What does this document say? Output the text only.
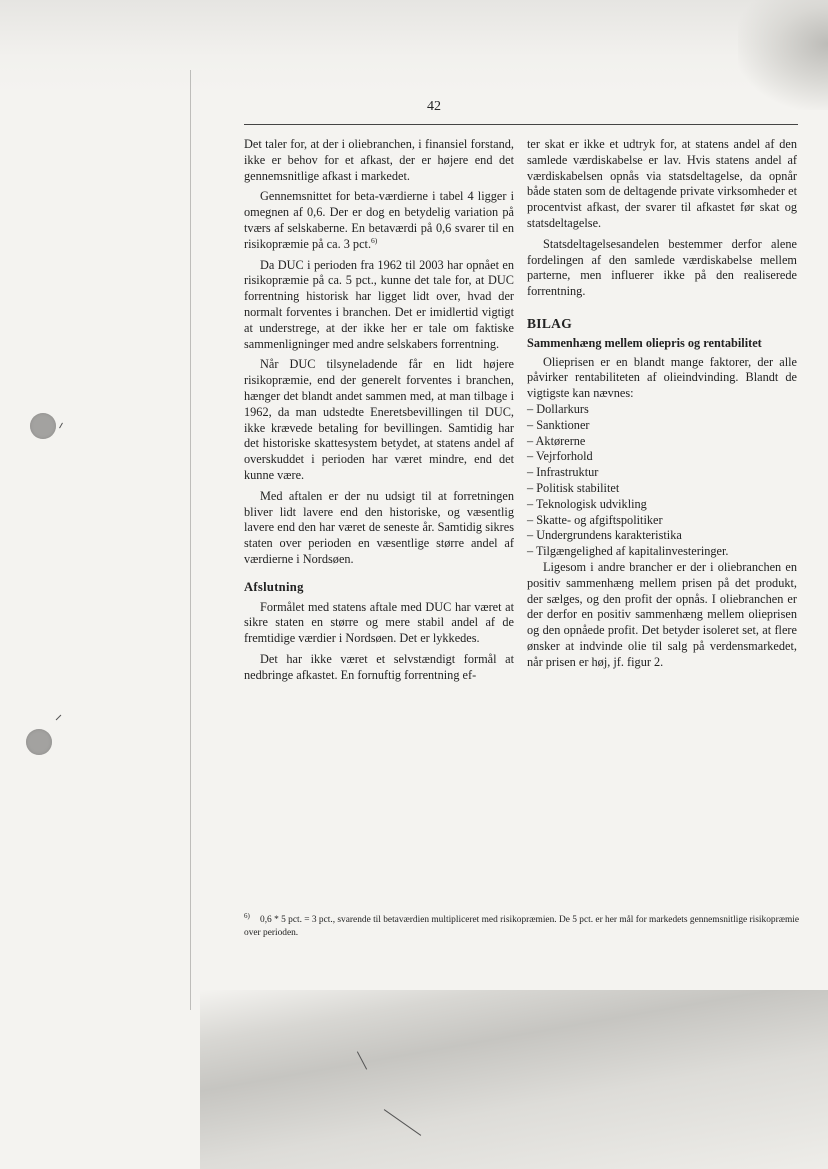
42

Det taler for, at der i oliebranchen, i finansiel forstand, ikke er behov for et afkast, der er højere end det gennemsnitlige afkast i markedet.

Gennemsnittet for beta-værdierne i tabel 4 ligger i omegnen af 0,6. Der er dog en betydelig variation på tværs af selskaberne. En betaværdi på 0,6 svarer til en risikopræmie på ca. 3 pct.$^{6)}$

Da DUC i perioden fra 1962 til 2003 har opnået en risikopræmie på ca. 5 pct., kunne det tale for, at DUC forrentning historisk har ligget lidt over, hvad der normalt forventes i branchen. Det er imidlertid vigtigt at understrege, at der ikke her er tale om faktiske sammenligninger med andre selskabers forrentning.

Når DUC tilsyneladende får en lidt højere risikopræmie, end der generelt forventes i branchen, hænger det blandt andet sammen med, at man tilbage i 1962, da man udstedte Eneretsbevillingen til DUC, ikke krævede betaling for bevillingen. Samtidig har det historiske skattesystem betydet, at statens andel af overskuddet i perioden har været mindre, end det kunne være.

Med aftalen er der nu udsigt til at forretningen bliver lidt lavere end den historiske, og væsentlig lavere end den har været de seneste år. Samtidig sikres staten over perioden en væsentlige større andel af værdierne i Nordsøen.

Afslutning

Formålet med statens aftale med DUC har været at sikre staten en større og mere stabil andel af de fremtidige værdier i Nordsøen. Det er lykkedes.

Det har ikke været et selvstændigt formål at nedbringe afkastet. En fornuftig forrentning ef-

ter skat er ikke et udtryk for, at statens andel af den samlede værdiskabelse er lav. Hvis statens andel af værdiskabelsen opnås via statsdeltagelse, da opnår både staten som de deltagende private virksomheder et procentvist afkast, der svarer til afkastet før skat og statsdeltagelse.

Statsdeltagelsesandelen bestemmer derfor alene fordelingen af den samlede værdiskabelse mellem parterne, men influerer ikke på den realiserede forrentning.

BILAG
Sammenhæng mellem oliepris og rentabilitet

Olieprisen er en blandt mange faktorer, der alle påvirker rentabiliteten af olieindvinding. Blandt de vigtigste kan nævnes:

– Dollarkurs
– Sanktioner
– Aktørerne
– Vejrforhold
– Infrastruktur
– Politisk stabilitet
– Teknologisk udvikling
– Skatte- og afgiftspolitiker
– Undergrundens karakteristika
– Tilgængelighed af kapitalinvesteringer.

Ligesom i andre brancher er der i oliebranchen en positiv sammenhæng mellem prisen på det produkt, der sælges, og den profit der opnås. I oliebranchen er der derfor en positiv sammenhæng mellem olieprisen og den opnåede profit. Det betyder isoleret set, at flere ønsker at indvinde olie til salg på verdensmarkedet, når prisen er høj, jf. figur 2.

6) 0,6 * 5 pct. = 3 pct., svarende til betaværdien multipliceret med risikopræmien. De 5 pct. er her mål for markedets gennemsnitlige risikopræmie over perioden.
